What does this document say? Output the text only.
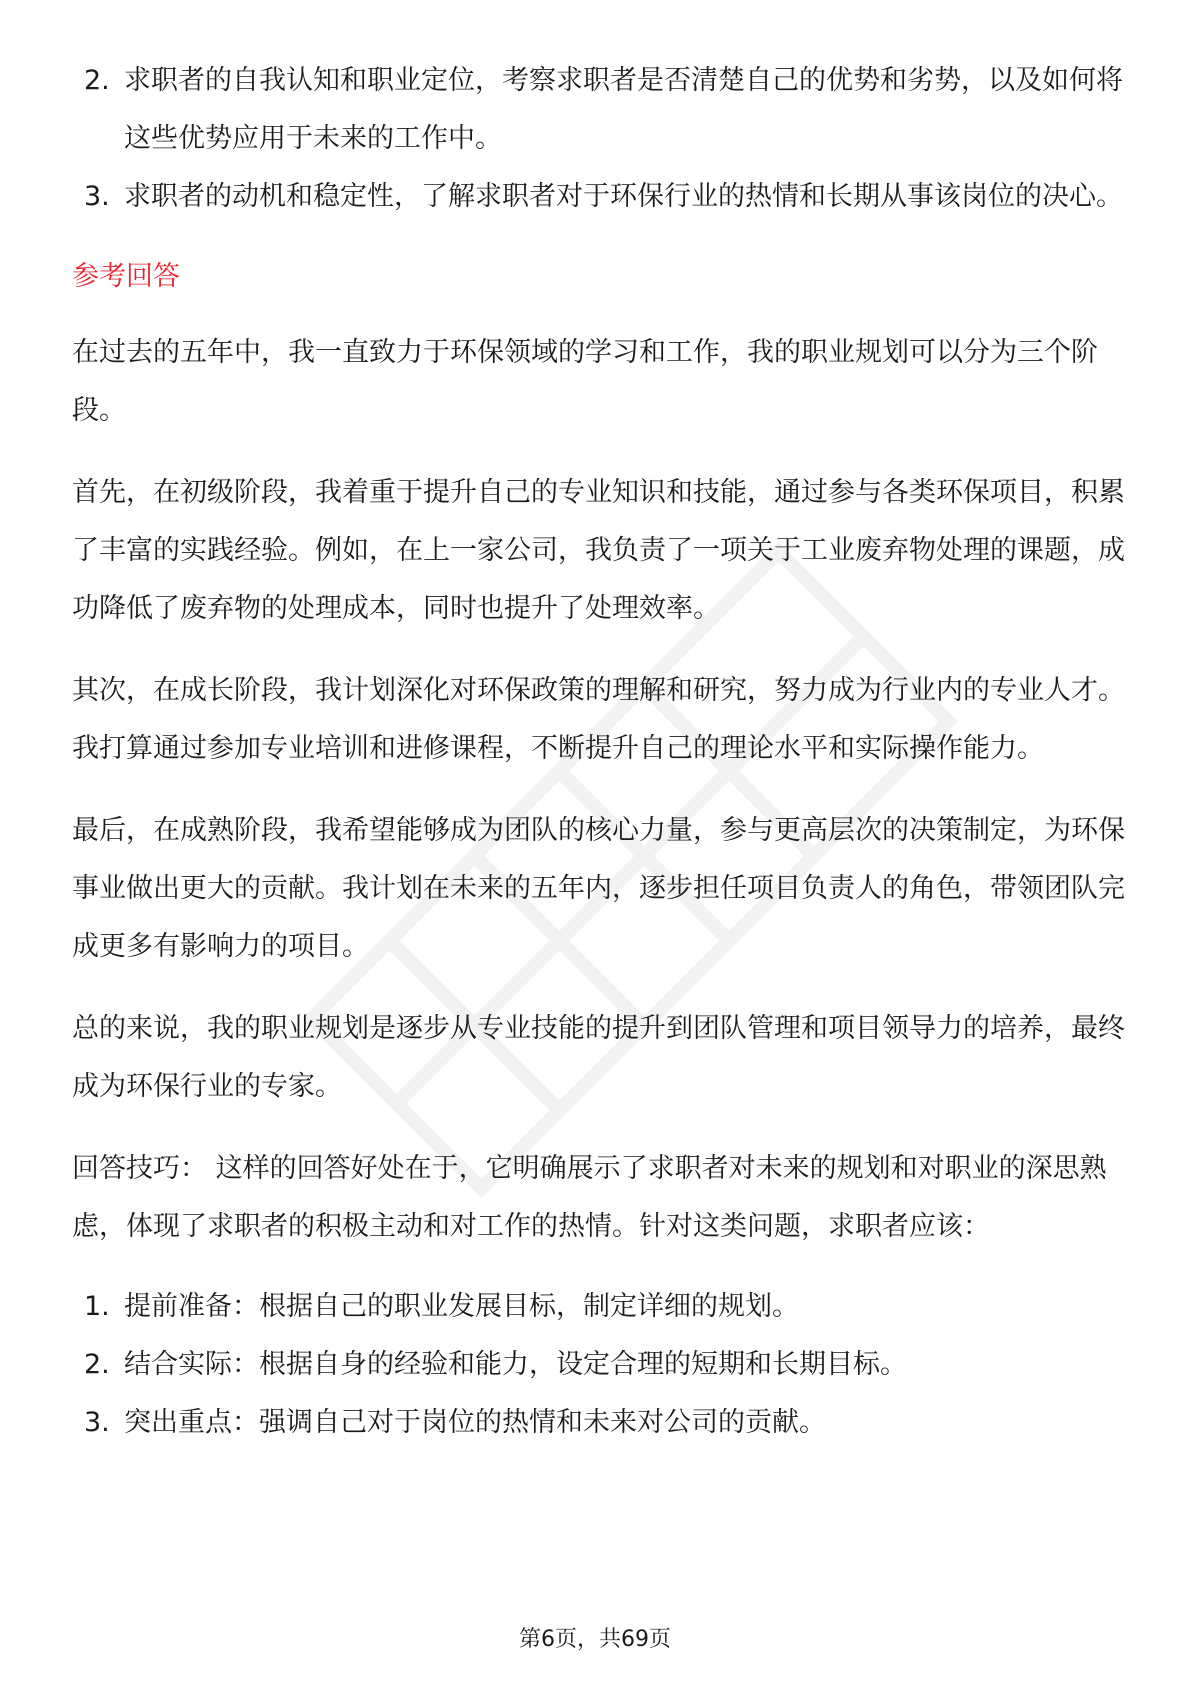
2. 求职者的自我认知和职业定位，考察求职者是否清楚自己的优势和劣势，以及如何将这些优势应用于未来的工作中。
3. 求职者的动机和稳定性，了解求职者对于环保行业的热情和长期从事该岗位的决心。
参考回答

在过去的五年中，我一直致力于环保领域的学习和工作，我的职业规划可以分为三个阶段。

首先，在初级阶段，我着重于提升自己的专业知识和技能，通过参与各类环保项目，积累了丰富的实践经验。例如，在上一家公司，我负责了一项关于工业废弃物处理的课题，成功降低了废弃物的处理成本，同时也提升了处理效率。

其次，在成长阶段，我计划深化对环保政策的理解和研究，努力成为行业内的专业人才。我打算通过参加专业培训和进修课程，不断提升自己的理论水平和实际操作能力。

最后，在成熟阶段，我希望能够成为团队的核心力量，参与更高层次的决策制定，为环保事业做出更大的贡献。我计划在未来的五年内，逐步担任项目负责人的角色，带领团队完成更多有影响力的项目。

总的来说，我的职业规划是逐步从专业技能的提升到团队管理和项目领导力的培养，最终成为环保行业的专家。

回答技巧： 这样的回答好处在于，它明确展示了求职者对未来的规划和对职业的深思熟虑，体现了求职者的积极主动和对工作的热情。针对这类问题，求职者应该：

1. 提前准备：根据自己的职业发展目标，制定详细的规划。
2. 结合实际：根据自身的经验和能力，设定合理的短期和长期目标。
3. 突出重点：强调自己对于岗位的热情和未来对公司的贡献。
第6页，共69页
